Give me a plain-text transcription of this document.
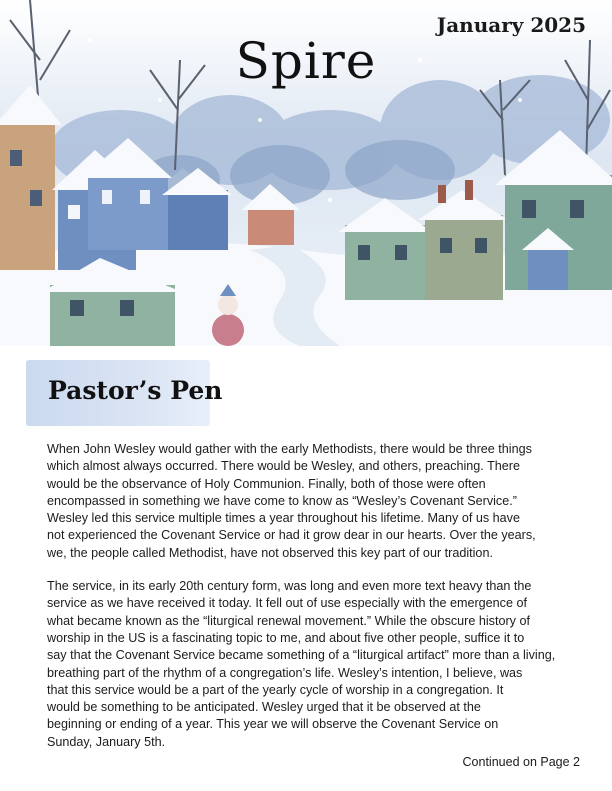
January 2025
Spire
Pastor’s Pen

When John Wesley would gather with the early Methodists, there would be three things
which almost always occurred. There would be Wesley, and others, preaching. There
would be the observance of Holy Communion. Finally, both of those were often
encompassed in something we have come to know as “Wesley’s Covenant Service.”
Wesley led this service multiple times a year throughout his lifetime. Many of us have
not experienced the Covenant Service or had it grow dear in our hearts. Over the years,
we, the people called Methodist, have not observed this key part of our tradition.

The service, in its early 20th century form, was long and even more text heavy than the
service as we have received it today. It fell out of use especially with the emergence of
what became known as the “liturgical renewal movement.” While the obscure history of
worship in the US is a fascinating topic to me, and about five other people, suffice it to
say that the Covenant Service became something of a “liturgical artifact” more than a living,
breathing part of the rhythm of a congregation’s life. Wesley’s intention, I believe, was
that this service would be a part of the yearly cycle of worship in a congregation. It
would be something to be anticipated. Wesley urged that it be observed at the
beginning or ending of a year. This year we will observe the Covenant Service on
Sunday, January 5th.

Continued on Page 2
